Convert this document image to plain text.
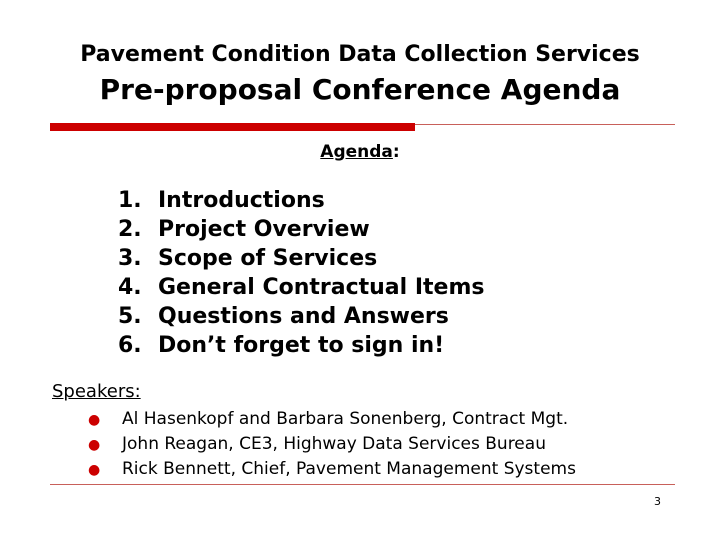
Pavement Condition Data Collection Services
Pre-proposal Conference Agenda
Agenda:
1. Introductions
2. Project Overview
3. Scope of Services
4. General Contractual Items
5. Questions and Answers
6. Don’t forget to sign in!
Speakers:
● Al Hasenkopf and Barbara Sonenberg, Contract Mgt.
● John Reagan, CE3, Highway Data Services Bureau
● Rick Bennett, Chief, Pavement Management Systems
3
